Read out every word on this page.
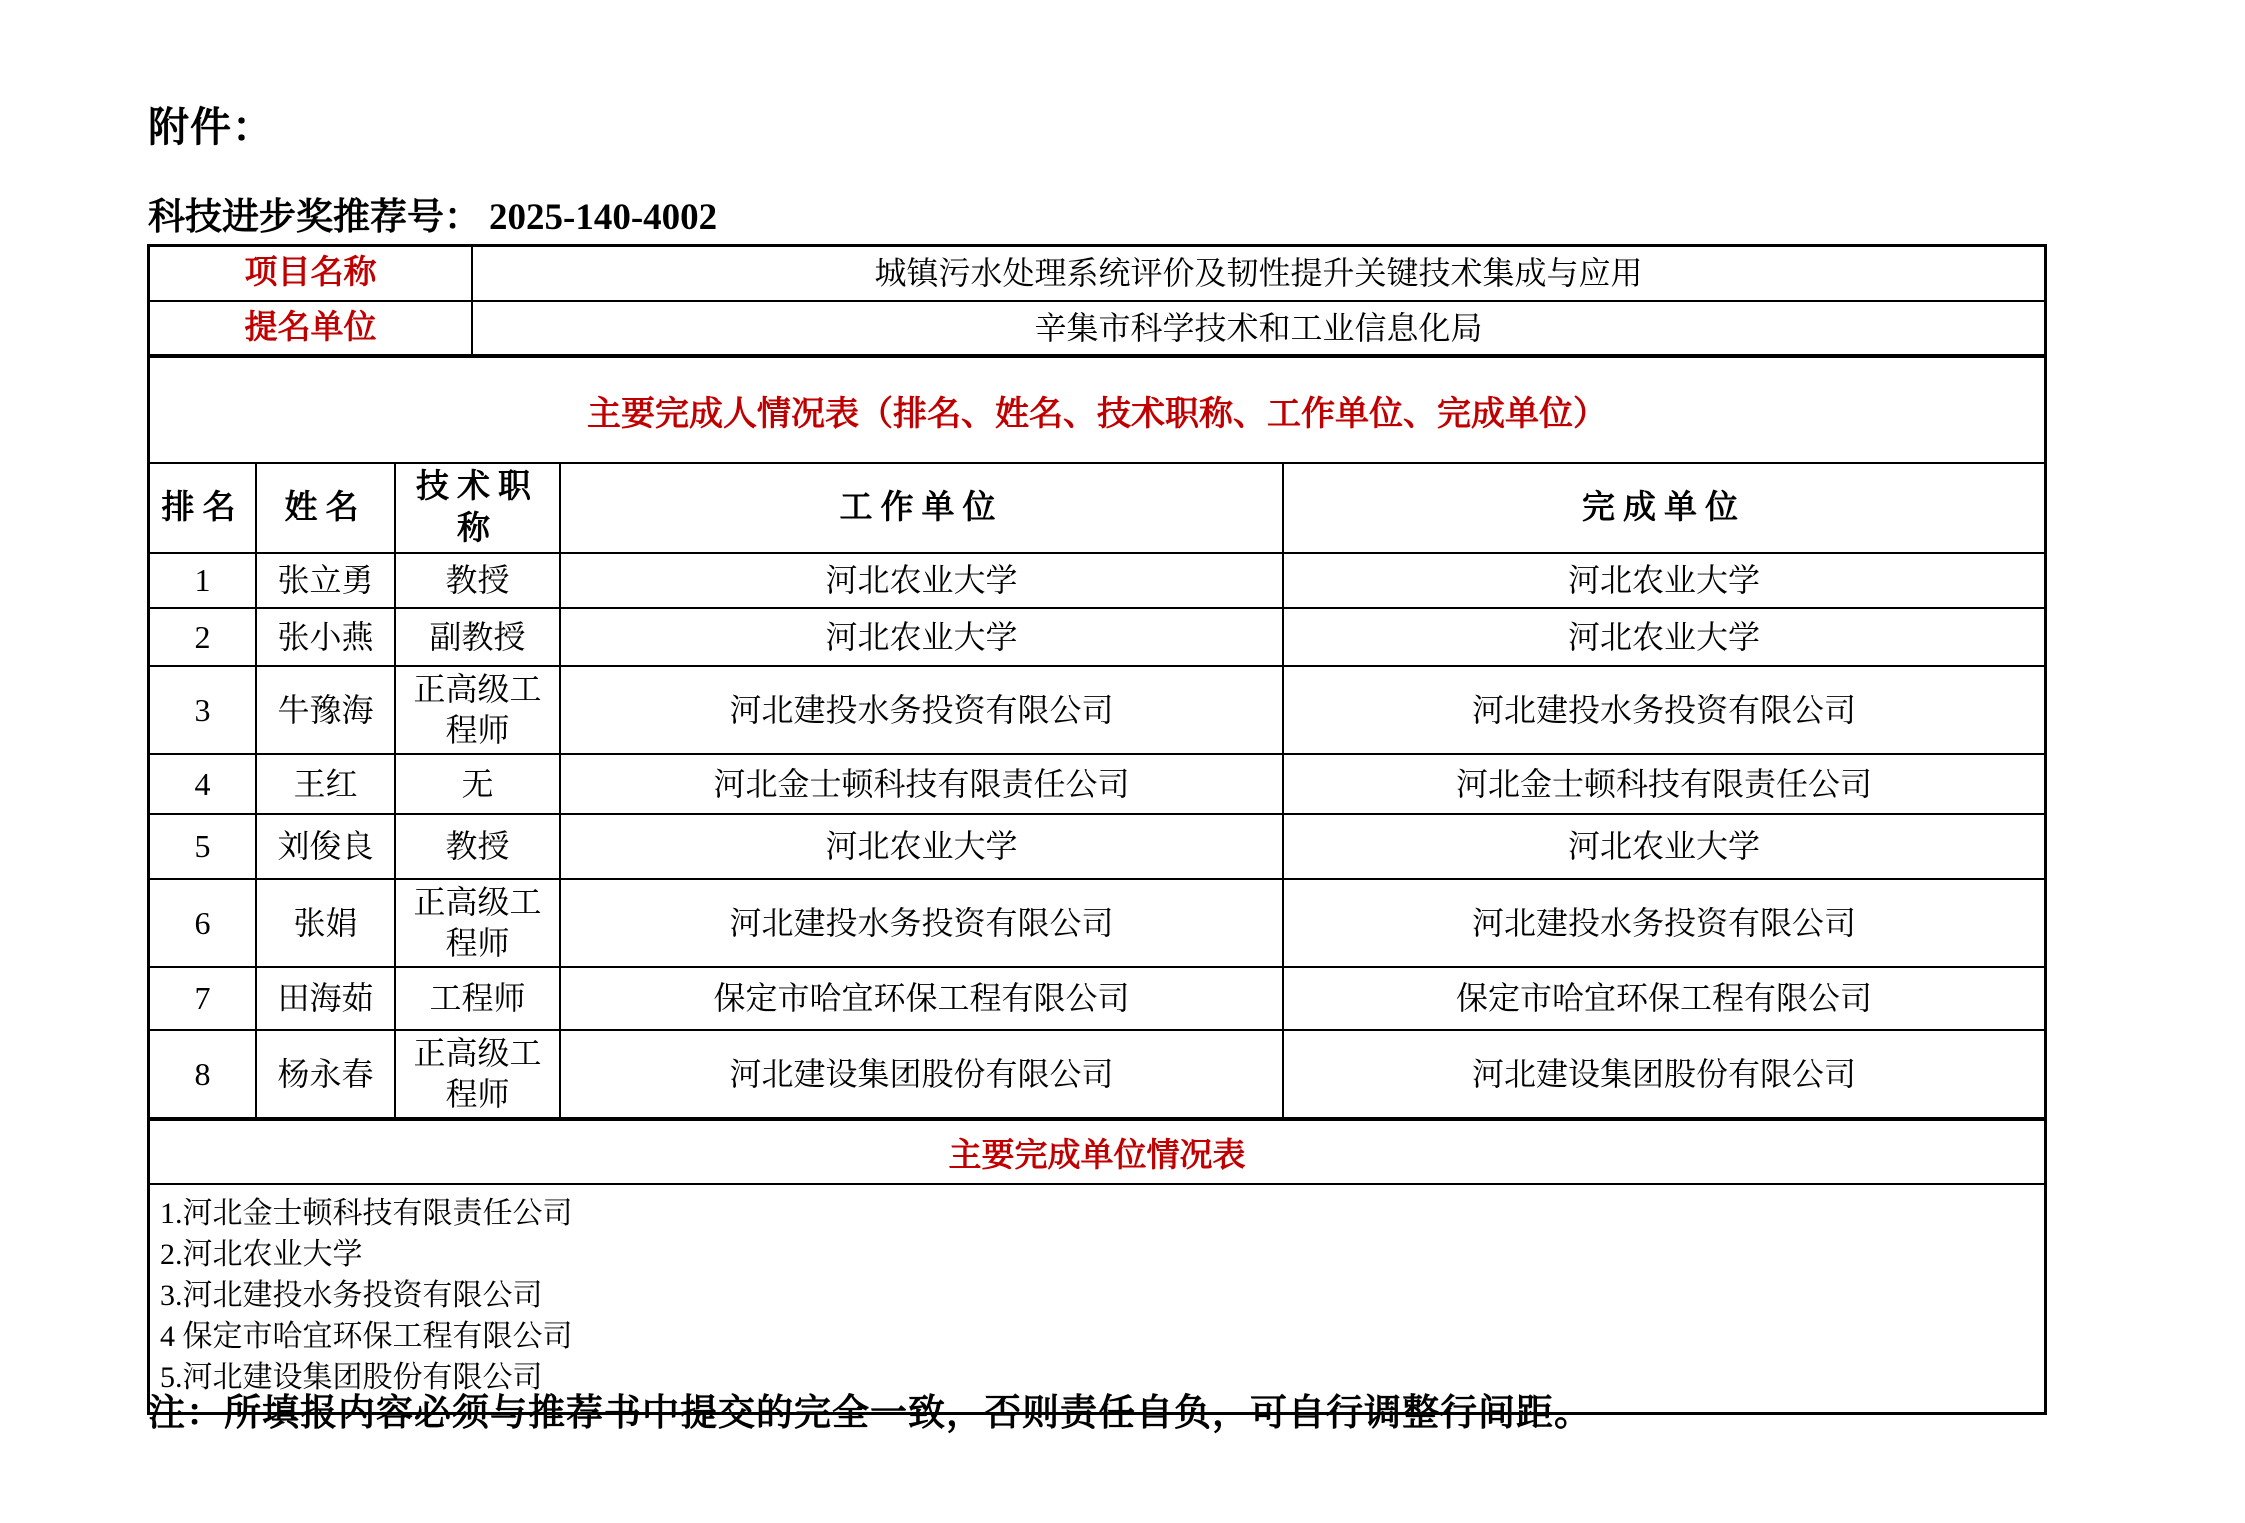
附件：
科技进步奖推荐号： 2025-140-4002
项目名称	城镇污水处理系统评价及韧性提升关键技术集成与应用
提名单位	辛集市科学技术和工业信息化局
主要完成人情况表（排名、姓名、技术职称、工作单位、完成单位）
排名	姓名	技术职称	工作单位	完成单位
1	张立勇	教授	河北农业大学	河北农业大学
2	张小燕	副教授	河北农业大学	河北农业大学
3	牛豫海	正高级工程师	河北建投水务投资有限公司	河北建投水务投资有限公司
4	王红	无	河北金士顿科技有限责任公司	河北金士顿科技有限责任公司
5	刘俊良	教授	河北农业大学	河北农业大学
6	张娟	正高级工程师	河北建投水务投资有限公司	河北建投水务投资有限公司
7	田海茹	工程师	保定市哈宜环保工程有限公司	保定市哈宜环保工程有限公司
8	杨永春	正高级工程师	河北建设集团股份有限公司	河北建设集团股份有限公司
主要完成单位情况表
1.河北金士顿科技有限责任公司
2.河北农业大学
3.河北建投水务投资有限公司
4 保定市哈宜环保工程有限公司
5.河北建设集团股份有限公司
注：所填报内容必须与推荐书中提交的完全一致，否则责任自负，可自行调整行间距。
